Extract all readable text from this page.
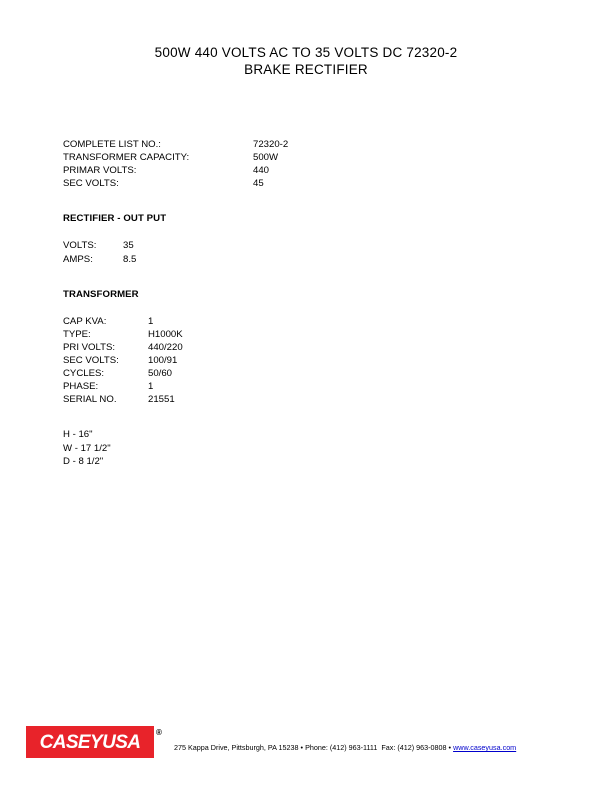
500W 440 VOLTS AC TO 35 VOLTS DC 72320-2
BRAKE RECTIFIER
COMPLETE LIST NO.:	72320-2
TRANSFORMER CAPACITY:	500W
PRIMAR VOLTS:	440
SEC VOLTS:	45
RECTIFIER - OUT PUT
VOLTS:	35
AMPS:	8.5
TRANSFORMER
CAP KVA:	1
TYPE:	H1000K
PRI VOLTS:	440/220
SEC VOLTS:	100/91
CYCLES:	50/60
PHASE:	1
SERIAL NO.	21551
H - 16"
W - 17 1/2"
D - 8 1/2"
CASEYUSA ®
275 Kappa Drive, Pittsburgh, PA 15238 • Phone: (412) 963-1111 Fax: (412) 963-0808 • www.caseyusa.com
